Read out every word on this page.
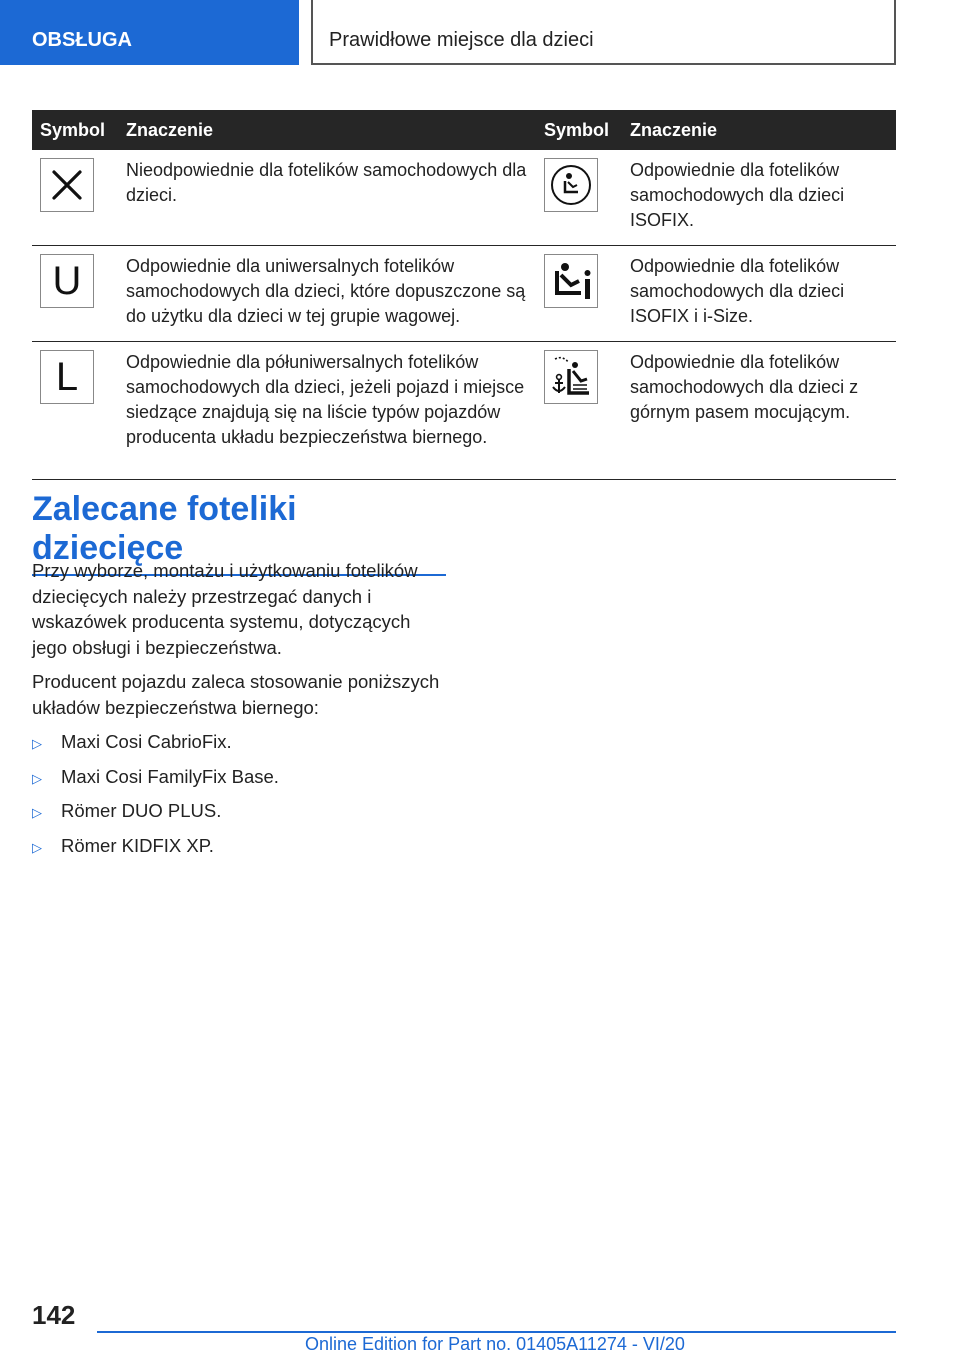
OBSŁUGA	Prawidłowe miejsce dla dzieci
Symbol	Znaczenie	Symbol	Znaczenie

	Nieodpowiednie dla fotelików samochodowych dla dzieci.		Odpowiednie dla fotelików samochodowych dla dzieci ISOFIX.

U	Odpowiednie dla uniwersalnych fotelików samochodowych dla dzieci, które dopuszczone są do użytku dla dzieci w tej grupie wagowej.		Odpowiednie dla fotelików samochodowych dla dzieci ISOFIX i i-Size.

L	Odpowiednie dla półuniwersalnych fotelików samochodowych dla dzieci, jeżeli pojazd i miejsce siedzące znajdują się na liście typów pojazdów producenta układu bezpieczeństwa biernego.		Odpowiednie dla fotelików samochodowych dla dzieci z górnym pasem mocującym.
Zalecane foteliki dziecięce

Przy wyborze, montażu i użytkowaniu fotelików dziecięcych należy przestrzegać danych i wskazówek producenta systemu, dotyczących jego obsługi i bezpieczeństwa.

Producent pojazdu zaleca stosowanie poniższych układów bezpieczeństwa biernego:

▷	Maxi Cosi CabrioFix.
▷	Maxi Cosi FamilyFix Base.
▷	Römer DUO PLUS.
▷	Römer KIDFIX XP.
142
Online Edition for Part no. 01405A11274 - VI/20
